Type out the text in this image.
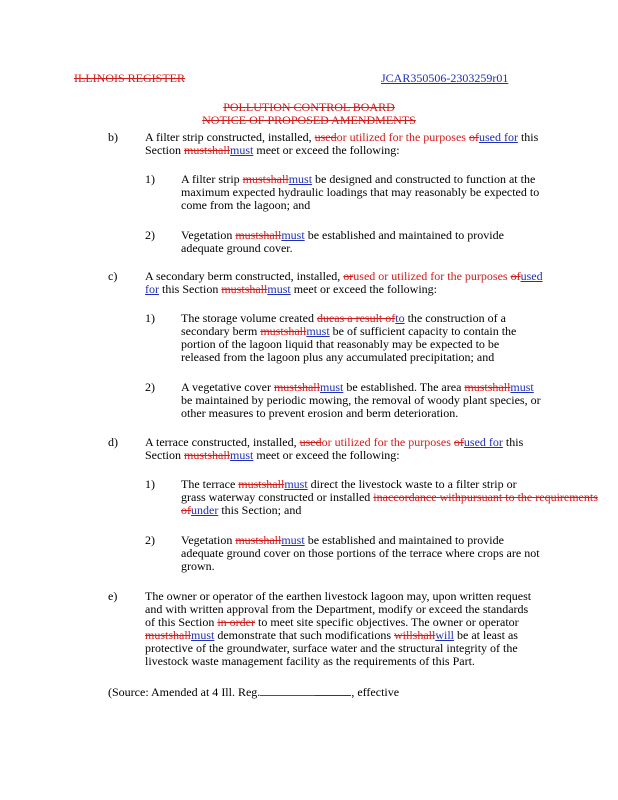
ILLINOIS REGISTER	JCAR350506-2303259r01
POLLUTION CONTROL BOARD
NOTICE OF PROPOSED AMENDMENTS
b) A filter strip constructed, installed, usedor utilized for the purposes ofused for this
Section mustshallmust meet or exceed the following:
1) A filter strip mustshallmust be designed and constructed to function at the
maximum expected hydraulic loadings that may reasonably be expected to
come from the lagoon; and
2) Vegetation mustshallmust be established and maintained to provide
adequate ground cover.
c) A secondary berm constructed, installed, orused or utilized for the purposes ofused
for this Section mustshallmust meet or exceed the following:
1) The storage volume created dueas a result ofto the construction of a
secondary berm mustshallmust be of sufficient capacity to contain the
portion of the lagoon liquid that reasonably may be expected to be
released from the lagoon plus any accumulated precipitation; and
2) A vegetative cover mustshallmust be established. The area mustshallmust
be maintained by periodic mowing, the removal of woody plant species, or
other measures to prevent erosion and berm deterioration.
d) A terrace constructed, installed, usedor utilized for the purposes ofused for this
Section mustshallmust meet or exceed the following:
1) The terrace mustshallmust direct the livestock waste to a filter strip or
grass waterway constructed or installed inaccordance withpursuant to the requirements
ofunder this Section; and
2) Vegetation mustshallmust be established and maintained to provide
adequate ground cover on those portions of the terrace where crops are not
grown.
e) The owner or operator of the earthen livestock lagoon may, upon written request
and with written approval from the Department, modify or exceed the standards
of this Section in order to meet site specific objectives. The owner or operator
mustshallmust demonstrate that such modifications willshallwill be at least as
protective of the groundwater, surface water and the structural integrity of the
livestock waste management facility as the requirements of this Part.
(Source: Amended at 4 Ill. Reg.	, effective
